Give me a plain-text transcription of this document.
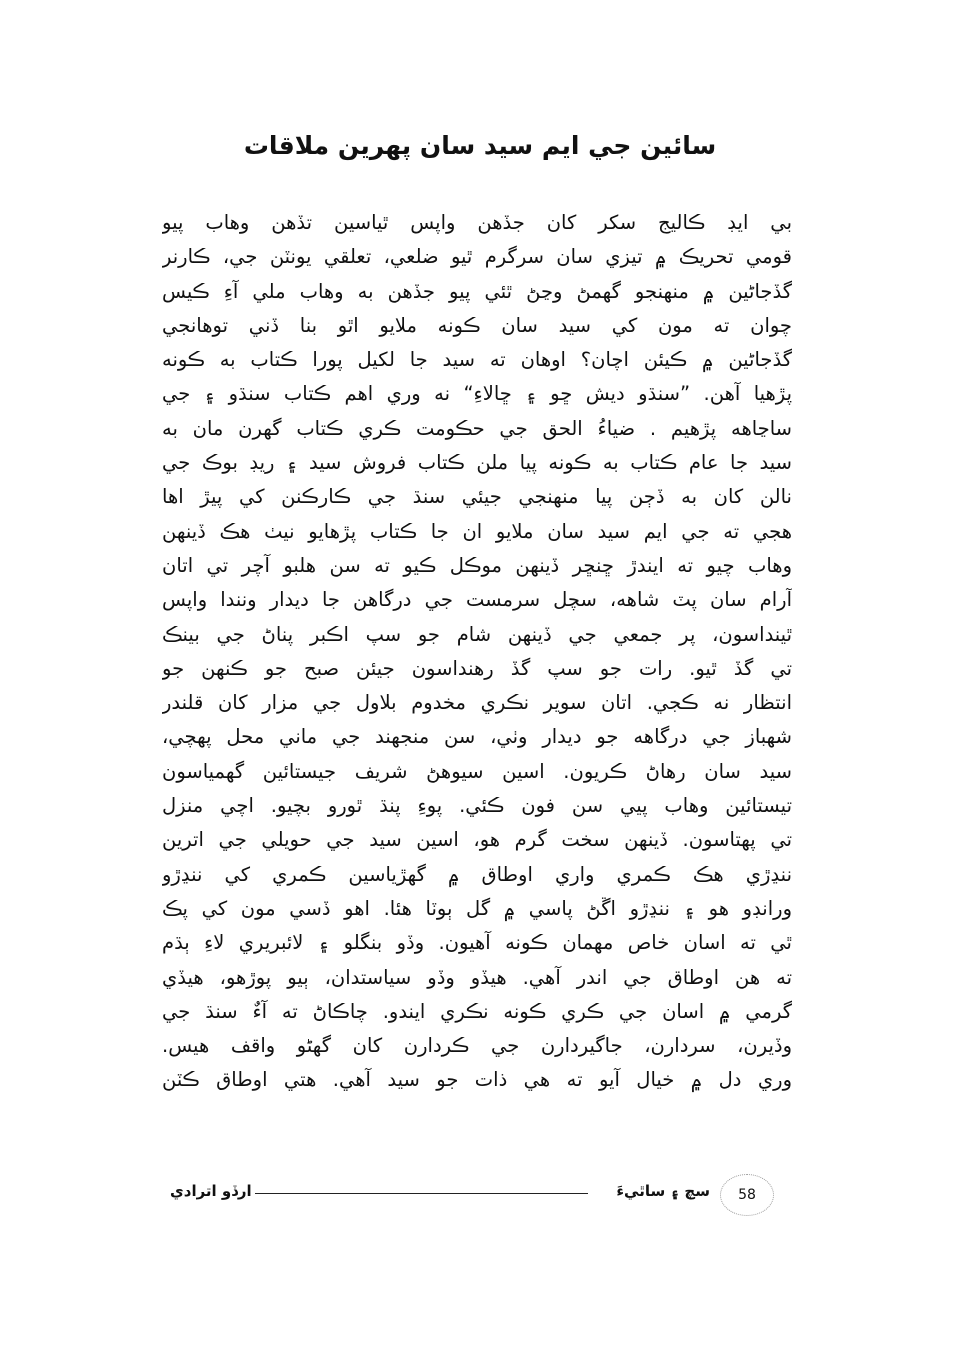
سائين جي ايم سيد سان پهرين ملاقات
بي ايڊ ڪاليج سکر کان جڏهن واپس ٿياسين تڏهن وهاب پيو
قومي تحريڪ ۾ تيزي سان سرگرم ٿيو ضلعي، تعلقي يونٽن جي، ڪارنر
گڏجاڻين ۾ منهنجو گهمڻ وڃڻ ٿئي پيو جڏهن به وهاب ملي آءِ ڪيس
چوان ته مون کي سيد سان ڪونه ملايو اٿو بنا ڏني توهانجي
گڏجاڻين ۾ ڪيئن اچان؟ اوهان ته سيد جا لکيل پورا ڪتاب به ڪونه
پڙهيا آهن. ”سنڌو ديش ڇو ۽ ڇالاءِ“ نه وري اهم ڪتاب سنڌو ۽ جي
ساڃاهه پڙهيم . ضياءُ الحق جي حڪومت ڪري ڪتاب گهرن مان به
سيد جا عام ڪتاب به ڪونه پيا ملن ڪتاب فروش سيد ۽ ريڊ بوڪ جي
نالن کان به ڏڄن پيا منهنجي جيئي سنڌ جي ڪارڪنن کي پيڙ اها
هجي ته جي ايم سيد سان ملايو ان جا ڪتاب پڙهايو نيٺ هڪ ڏينهن
وهاب چيو ته ايندڙ ڇنڇر ڏينهن موڪل ڪيو ته سن هلبو آچر تي اتان
آرام سان پٽ شاهه، سچل سرمست جي درگاهن جا ديدار ونندا واپس
ٿينداسون، پر جمعي جي ڏينهن شام جو سپ اڪبر پناڻ جي بينڪ
تي گڏ ٿيو. رات جو سپ گڏ رهنداسون جيئن صبح جو ڪنهن جو
انتظار نه ڪجي. اتان سوير نڪري مخدوم بلاول جي مزار کان قلندر
شهباز جي درگاهه جو ديدار وٺي، سن منجهند جي ماني محل پهچي،
سيد سان رهاڻ ڪريون. اسين سيوهڻ شريف جيستائين گهمياسون
تيستائين وهاب پيي سن فون ڪئي. پوءِ پنڌ ٿورو بچيو. اچي منزل
تي پهتاسون. ڏينهن سخت گرم هو، اسين سيد جي حويلي جي اترين
ننڍڙي هڪ ڪمري واري اوطاق ۾ گهڙياسين ڪمري کي ننڍڙو
ورانڊو هو ۽ ننڍڙو اڱڻ پاسي ۾ گل ٻوٽا هئا. اهو ڏسي مون کي پڪ
ٿي ته اسان خاص مهمان ڪونه آهيون. وڏو بنگلو ۽ لائبريري لاءِ ٻڌم
ته هن اوطاق جي اندر آهي. هيڏو وڏو سياستدان، ٻيو پوڙهو، هيڏي
گرمي ۾ اسان جي ڪري ڪونه نڪري ايندو. چاڪاڻ ته آءٌ سنڌ جي
وڏيرن، سردارن، جاگيردارن جي ڪردارن کان گهڻو واقف هيس.
وري دل ۾ خيال آيو ته هي ذات جو سيد آهي. هتي اوطاق ڪٽن
ارڏو اترادي	سچ ۽ ساٿيءَ	58
